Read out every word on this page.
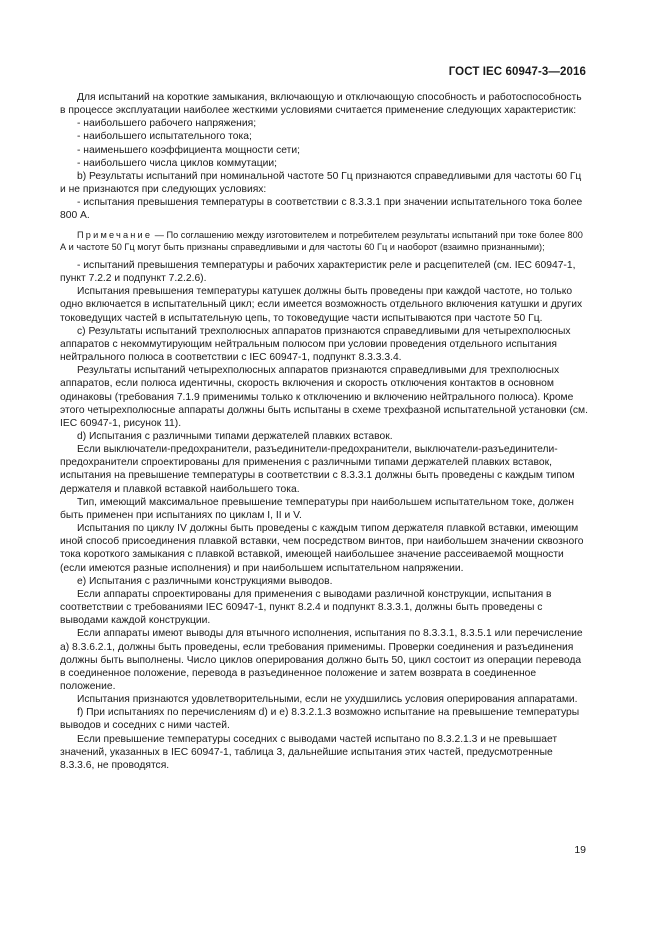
ГОСТ IEC 60947-3—2016

Для испытаний на короткие замыкания, включающую и отключающую способность и работоспособность в процессе эксплуатации наиболее жесткими условиями считается применение следующих характеристик:

- наибольшего рабочего напряжения;

- наибольшего испытательного тока;

- наименьшего коэффициента мощности сети;

- наибольшего числа циклов коммутации;

b) Результаты испытаний при номинальной частоте 50 Гц признаются справедливыми для частоты 60 Гц и не признаются при следующих условиях:

- испытания превышения температуры в соответствии с 8.3.3.1 при значении испытательного тока более 800 А.

Примечание — По соглашению между изготовителем и потребителем результаты испытаний при токе более 800 А и частоте 50 Гц могут быть признаны справедливыми и для частоты 60 Гц и наоборот (взаимно признанными);

- испытаний превышения температуры и рабочих характеристик реле и расцепителей (см. IEC 60947-1, пункт 7.2.2 и подпункт 7.2.2.6).

Испытания превышения температуры катушек должны быть проведены при каждой частоте, но только одно включается в испытательный цикл; если имеется возможность отдельного включения катушки и других токоведущих частей в испытательную цепь, то токоведущие части испытываются при частоте 50 Гц.

c) Результаты испытаний трехполюсных аппаратов признаются справедливыми для четырехполюсных аппаратов с некоммутирующим нейтральным полюсом при условии проведения отдельного испытания нейтрального полюса в соответствии с IEC 60947-1, подпункт 8.3.3.3.4.

Результаты испытаний четырехполюсных аппаратов признаются справедливыми для трехполюсных аппаратов, если полюса идентичны, скорость включения и скорость отключения контактов в основном одинаковы (требования 7.1.9 применимы только к отключению и включению нейтрального полюса). Кроме этого четырехполюсные аппараты должны быть испытаны в схеме трехфазной испытательной установки (см. IEC 60947-1, рисунок 11).

d) Испытания с различными типами держателей плавких вставок.

Если выключатели-предохранители, разъединители-предохранители, выключатели-разъединители-предохранители спроектированы для применения с различными типами держателей плавких вставок, испытания на превышение температуры в соответствии с 8.3.3.1 должны быть проведены с каждым типом держателя и плавкой вставкой наибольшего тока.

Тип, имеющий максимальное превышение температуры при наибольшем испытательном токе, должен быть применен при испытаниях по циклам I, II и V.

Испытания по циклу IV должны быть проведены с каждым типом держателя плавкой вставки, имеющим иной способ присоединения плавкой вставки, чем посредством винтов, при наибольшем значении сквозного тока короткого замыкания с плавкой вставкой, имеющей наибольшее значение рассеиваемой мощности (если имеются разные исполнения) и при наибольшем испытательном напряжении.

e) Испытания с различными конструкциями выводов.

Если аппараты спроектированы для применения с выводами различной конструкции, испытания в соответствии с требованиями IEC 60947-1, пункт 8.2.4 и подпункт 8.3.3.1, должны быть проведены с выводами каждой конструкции.

Если аппараты имеют выводы для втычного исполнения, испытания по 8.3.3.1, 8.3.5.1 или перечисление а) 8.3.6.2.1, должны быть проведены, если требования применимы. Проверки соединения и разъединения должны быть выполнены. Число циклов оперирования должно быть 50, цикл состоит из операции перевода в соединенное положение, перевода в разъединенное положение и затем возврата в соединенное положение.

Испытания признаются удовлетворительными, если не ухудшились условия оперирования аппаратами.

f) При испытаниях по перечислениям d) и e) 8.3.2.1.3 возможно испытание на превышение температуры выводов и соседних с ними частей.

Если превышение температуры соседних с выводами частей испытано по 8.3.2.1.3 и не превышает значений, указанных в IEC 60947-1, таблица 3, дальнейшие испытания этих частей, предусмотренные 8.3.3.6, не проводятся.

19
